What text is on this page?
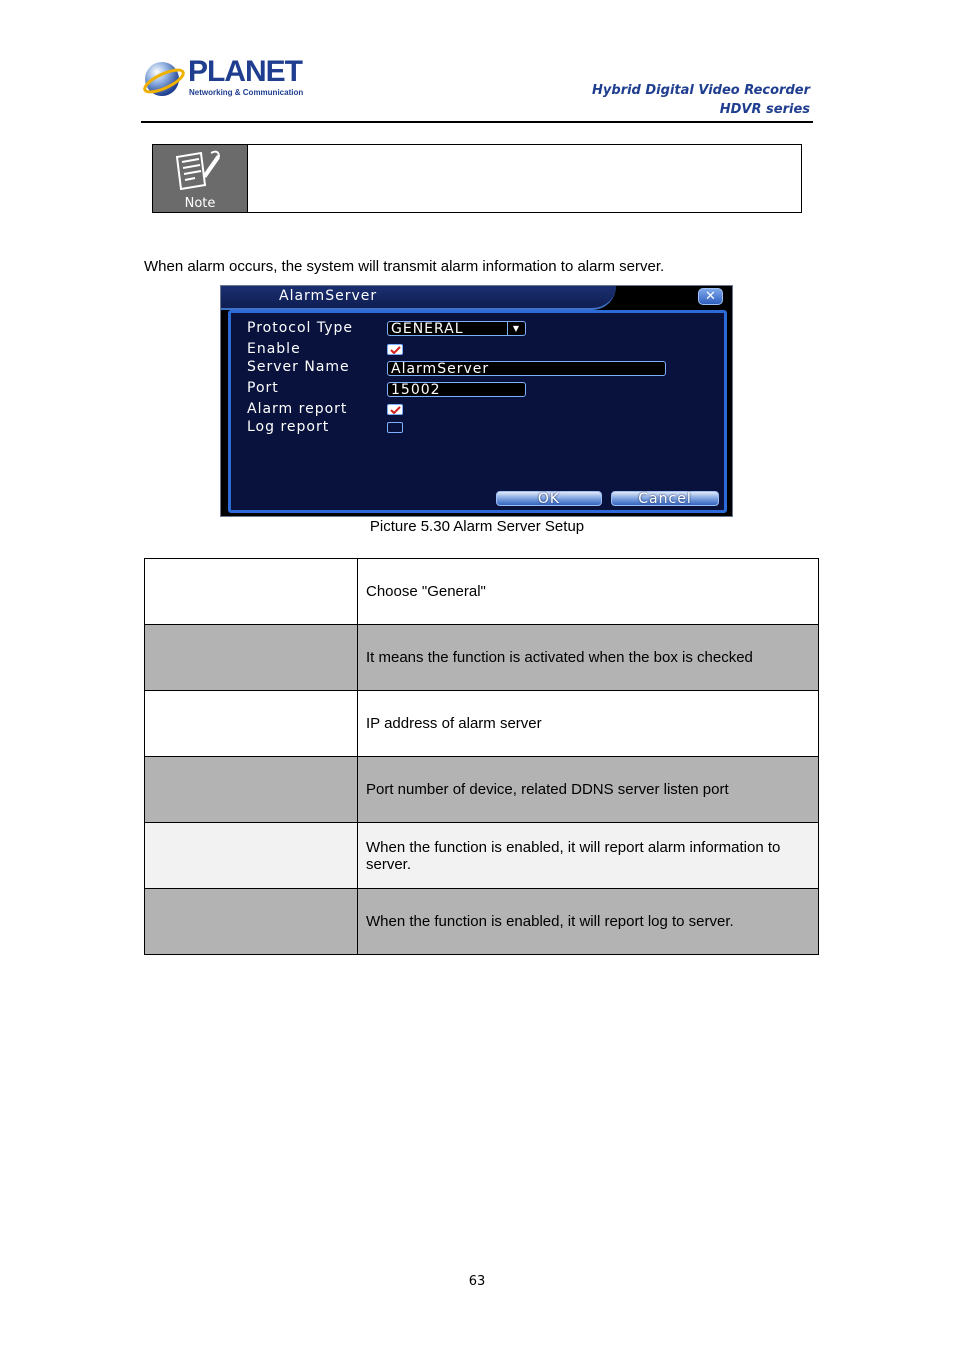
PLANET
Networking & Communication	Hybrid Digital Video Recorder
HDVR series
Note
When alarm occurs, the system will transmit alarm information to alarm server.
AlarmServer	✕
Protocol Type	GENERAL	▼
Enable
Server Name	AlarmServer
Port	15002
Alarm report
Log report
OK	Cancel
Picture 5.30 Alarm Server Setup
	Choose "General"

	It means the function is activated when the box is checked

	IP address of alarm server

	Port number of device, related DDNS server listen port

	When the function is enabled, it will report alarm information to server.

	When the function is enabled, it will report log to server.
63
